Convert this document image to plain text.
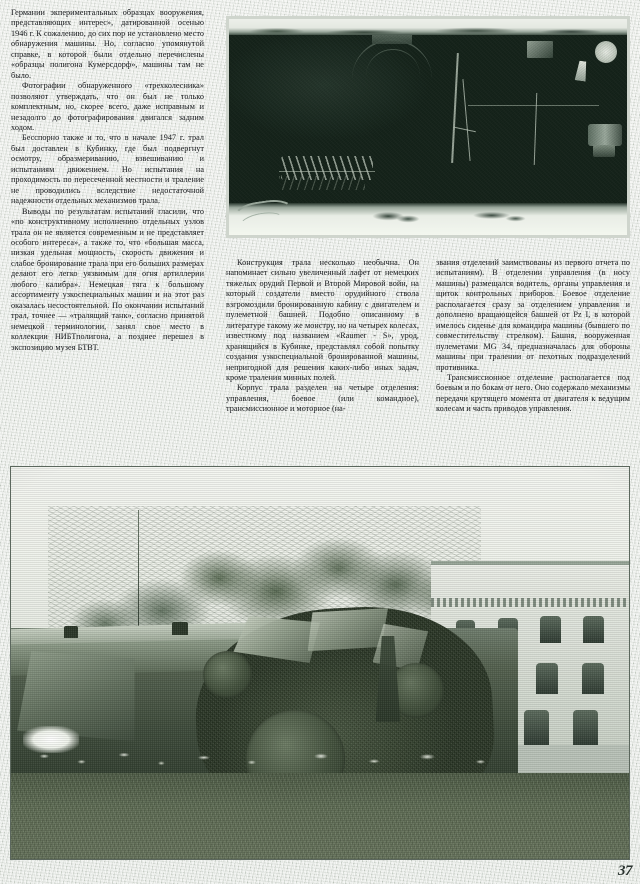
Германии экпериментальных образцах вооружения, представляющих интерес», датированной осенью 1946 г. К сожалению, до сих пор не установлено место обнаружения машины. Но, согласно упомянутой справке, в которой были отдельно перечислены «образцы полигона Кумерсдорф», машины там не было.

Фотографии обнаруженного «трехколесника» позволяют утверждать, что он был не только комплектным, но, скорее всего, даже исправным и незадолго до фотографирования двигался задним ходом.

Бесспорно также и то, что в начале 1947 г. трал был доставлен в Кубинку, где был подвергнут осмотру, образмериванию, взвешиванию и испытаниям движением. Но испытания на проходимость по пересеченной местности и траление не проводились вследствие недостаточной надежности отдельных механизмов трала.

Выводы по результатам испытаний гласили, что «по конструктивному исполнению отдельных узлов трала он не является современным и не представляет особого интереса», а также то, что «большая масса, низкая удельная мощность, скорость движения и слабое бронирование трала при его больших размерах делают его легко уязвимым для огня артиллерии любого калибра». Немецкая тяга к большому ассортименту узкоспециальных машин и на этот раз оказалась несостоятельной. По окончании испытаний трал, точнее — «тралящий танк», согласно принятой немецкой терминологии, занял свое место в коллекции НИБТполигона, а позднее перешел в экспозицию музея БТВТ.

Конструкция трала несколько необычна. Он напоминает сильно увеличенный лафет от немецких тяжелых орудий Первой и Второй Мировой войн, на который создатели вместо орудийного ствола взгромоздили бронированную кабину с двигателем и пулеметной башней. Подобно описанному в литературе такому же монстру, но на четырех колесах, известному под названием «Raumer - S», урод, хранящийся в Кубинке, представлял собой попытку создания узкоспециальной бронированной машины, непригодной для решения каких-либо иных задач, кроме траления минных полей.

Корпус трала разделен на четыре отделения: управления, боевое (или командное), трансмиссионное и моторное (на-

звания отделений заимствованы из первого отчета по испытаниям). В отделении управления (в носу машины) размещался водитель, органы управления и щиток контрольных приборов. Боевое отделение располагается сразу за отделением управления и дополнено вращающейся башней от Pz I, в которой имелось сиденье для командира машины (бывшего по совместительству стрелком). Башня, вооруженная пулеметами MG 34, предназначалась для обороны машины при тралении от пехотных подразделений противника.

Трансмиссионное отделение располагается под боевым и по бокам от него. Оно содержало механизмы передачи крутящего момента от двигателя к ведущим колесам и часть приводов управления.

37
